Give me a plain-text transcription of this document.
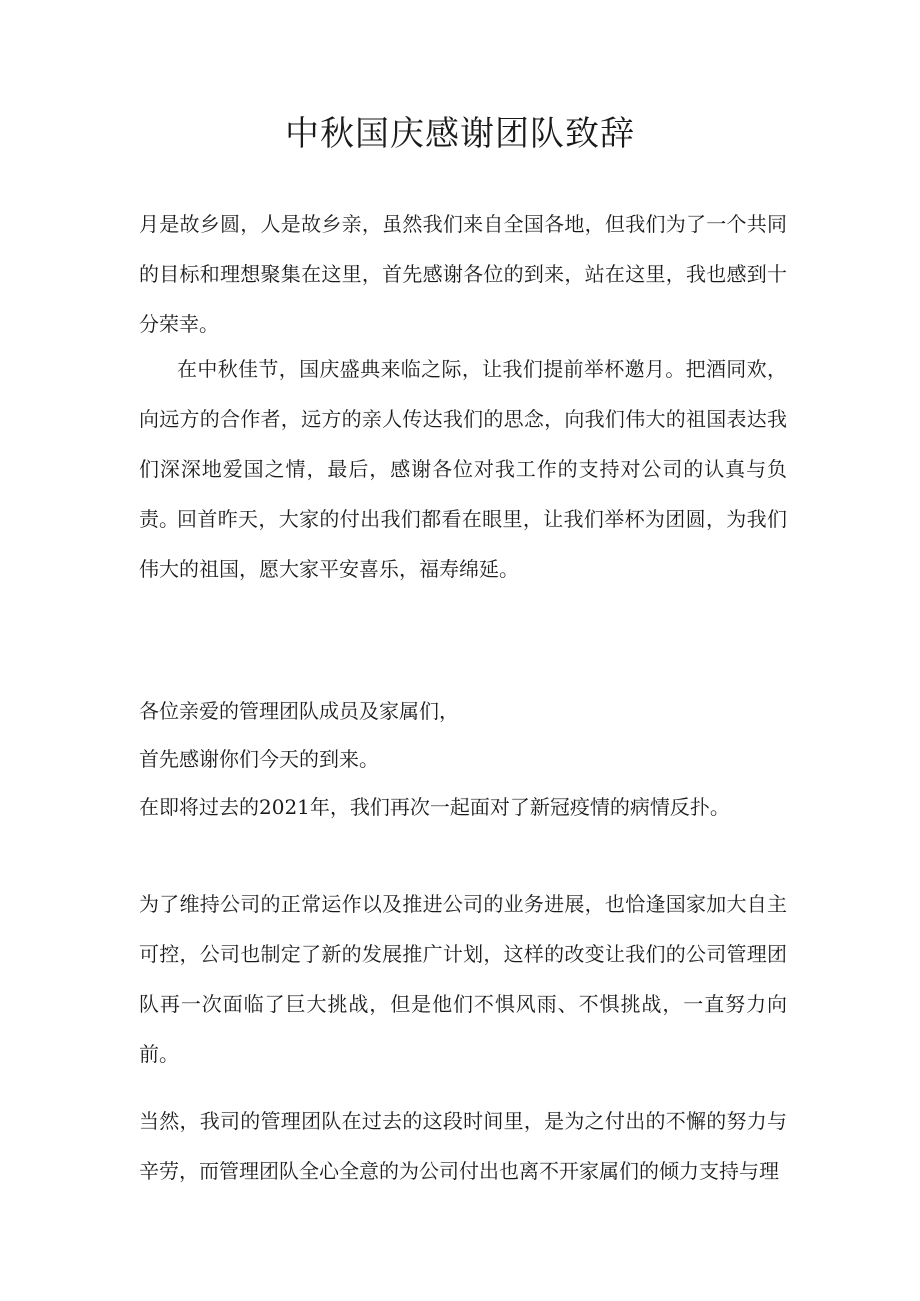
中秋国庆感谢团队致辞

月是故乡圆，人是故乡亲，虽然我们来自全国各地，但我们为了一个共同的目标和理想聚集在这里，首先感谢各位的到来，站在这里，我也感到十分荣幸。

在中秋佳节，国庆盛典来临之际，让我们提前举杯邀月。把酒同欢，向远方的合作者，远方的亲人传达我们的思念，向我们伟大的祖国表达我们深深地爱国之情，最后，感谢各位对我工作的支持对公司的认真与负责。

回首昨天，大家的付出我们都看在眼里，让我们举杯为团圆，为我们伟大的祖国，愿大家平安喜乐，福寿绵延。

各位亲爱的管理团队成员及家属们，

首先感谢你们今天的到来。

在即将过去的2021年，我们再次一起面对了新冠疫情的病情反扑。

为了维持公司的正常运作以及推进公司的业务进展，也恰逢国家加大自主可控，公司也制定了新的发展推广计划，这样的改变让我们的公司管理团队再一次面临了巨大挑战，但是他们不惧风雨、不惧挑战，一直努力向前。

当然，我司的管理团队在过去的这段时间里，是为之付出的不懈的努力与辛劳，而管理团队全心全意的为公司付出也离不开家属们的倾力支持与理
